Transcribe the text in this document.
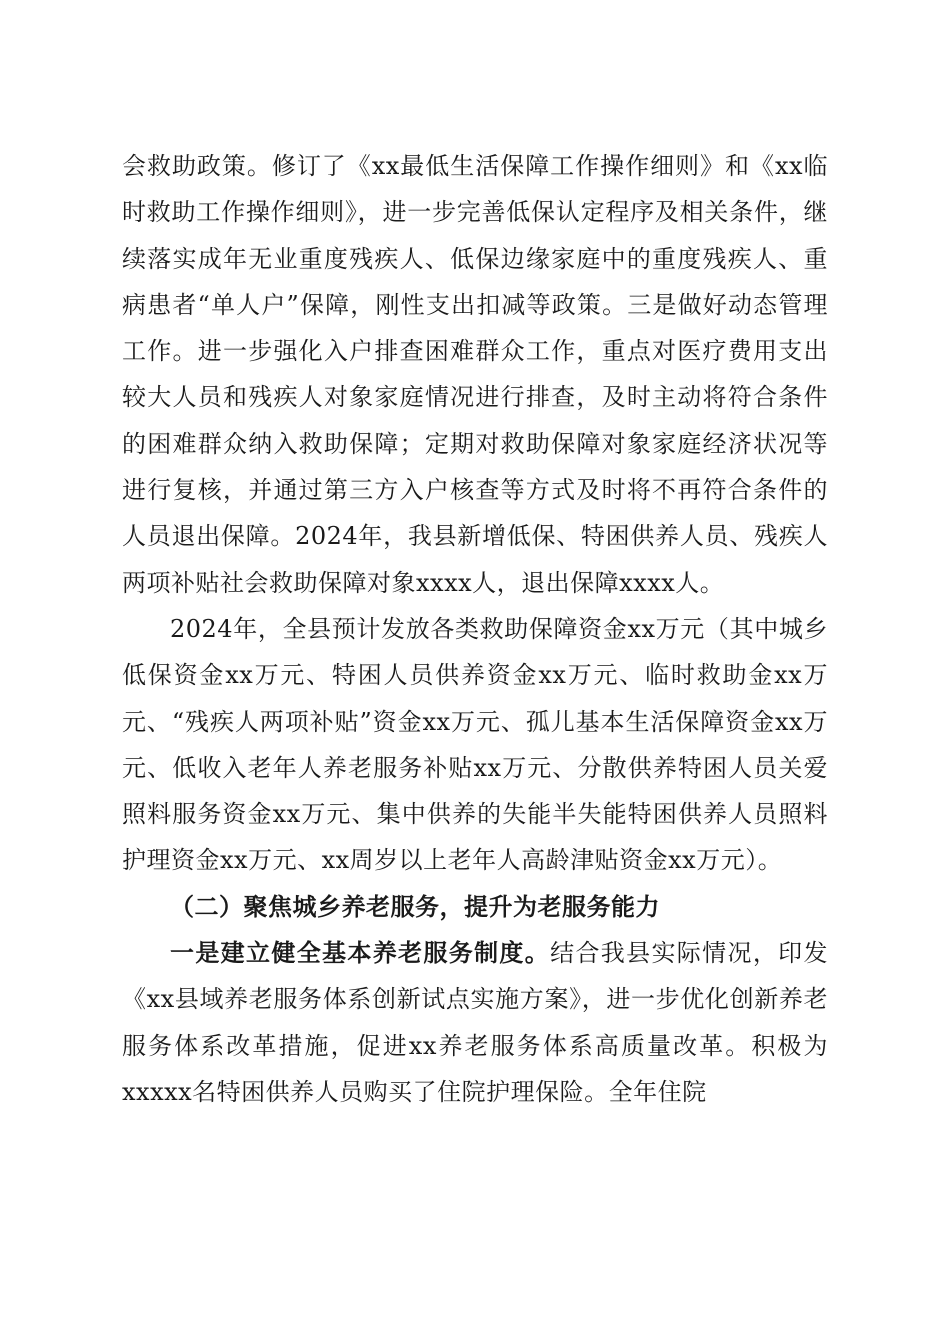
会救助政策。修订了《xx最低生活保障工作操作细则》和《xx临时救助工作操作细则》，进一步完善低保认定程序及相关条件，继续落实成年无业重度残疾人、低保边缘家庭中的重度残疾人、重病患者“单人户”保障，刚性支出扣减等政策。三是做好动态管理工作。进一步强化入户排查困难群众工作，重点对医疗费用支出较大人员和残疾人对象家庭情况进行排查，及时主动将符合条件的困难群众纳入救助保障；定期对救助保障对象家庭经济状况等进行复核，并通过第三方入户核查等方式及时将不再符合条件的人员退出保障。2024年，我县新增低保、特困供养人员、残疾人两项补贴社会救助保障对象xxxx人，退出保障xxxx人。

2024年，全县预计发放各类救助保障资金xx万元（其中城乡低保资金xx万元、特困人员供养资金xx万元、临时救助金xx万元、“残疾人两项补贴”资金xx万元、孤儿基本生活保障资金xx万元、低收入老年人养老服务补贴xx万元、分散供养特困人员关爱照料服务资金xx万元、集中供养的失能半失能特困供养人员照料护理资金xx万元、xx周岁以上老年人高龄津贴资金xx万元）。

（二）聚焦城乡养老服务，提升为老服务能力

一是建立健全基本养老服务制度。结合我县实际情况，印发《xx县域养老服务体系创新试点实施方案》，进一步优化创新养老服务体系改革措施，促进xx养老服务体系高质量改革。积极为xxxxx名特困供养人员购买了住院护理保险。全年住院
